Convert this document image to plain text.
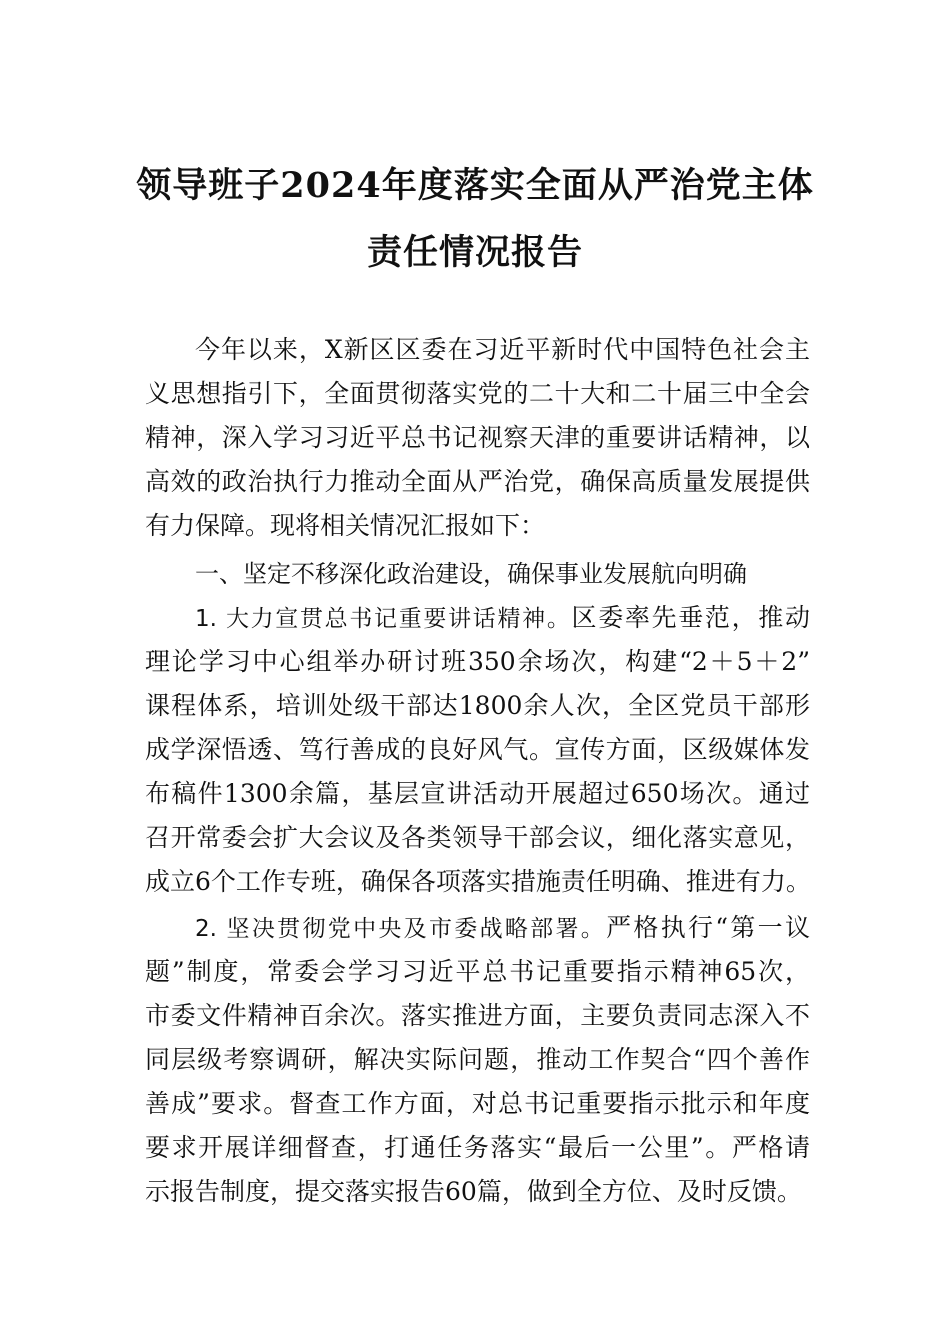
领导班子2024年度落实全面从严治党主体
责任情况报告
今年以来，X新区区委在习近平新时代中国特色社会主
义思想指引下，全面贯彻落实党的二十大和二十届三中全会
精神，深入学习习近平总书记视察天津的重要讲话精神，以
高效的政治执行力推动全面从严治党，确保高质量发展提供
有力保障。现将相关情况汇报如下：
一、坚定不移深化政治建设，确保事业发展航向明确
1. 大力宣贯总书记重要讲话精神。区委率先垂范，推动
理论学习中心组举办研讨班350余场次，构建“2＋5＋2”
课程体系，培训处级干部达1800余人次，全区党员干部形
成学深悟透、笃行善成的良好风气。宣传方面，区级媒体发
布稿件1300余篇，基层宣讲活动开展超过650场次。通过
召开常委会扩大会议及各类领导干部会议，细化落实意见，
成立6个工作专班，确保各项落实措施责任明确、推进有力。
2. 坚决贯彻党中央及市委战略部署。严格执行“第一议
题”制度，常委会学习习近平总书记重要指示精神65次，
市委文件精神百余次。落实推进方面，主要负责同志深入不
同层级考察调研，解决实际问题，推动工作契合“四个善作
善成”要求。督查工作方面，对总书记重要指示批示和年度
要求开展详细督查，打通任务落实“最后一公里”。严格请
示报告制度，提交落实报告60篇，做到全方位、及时反馈。
